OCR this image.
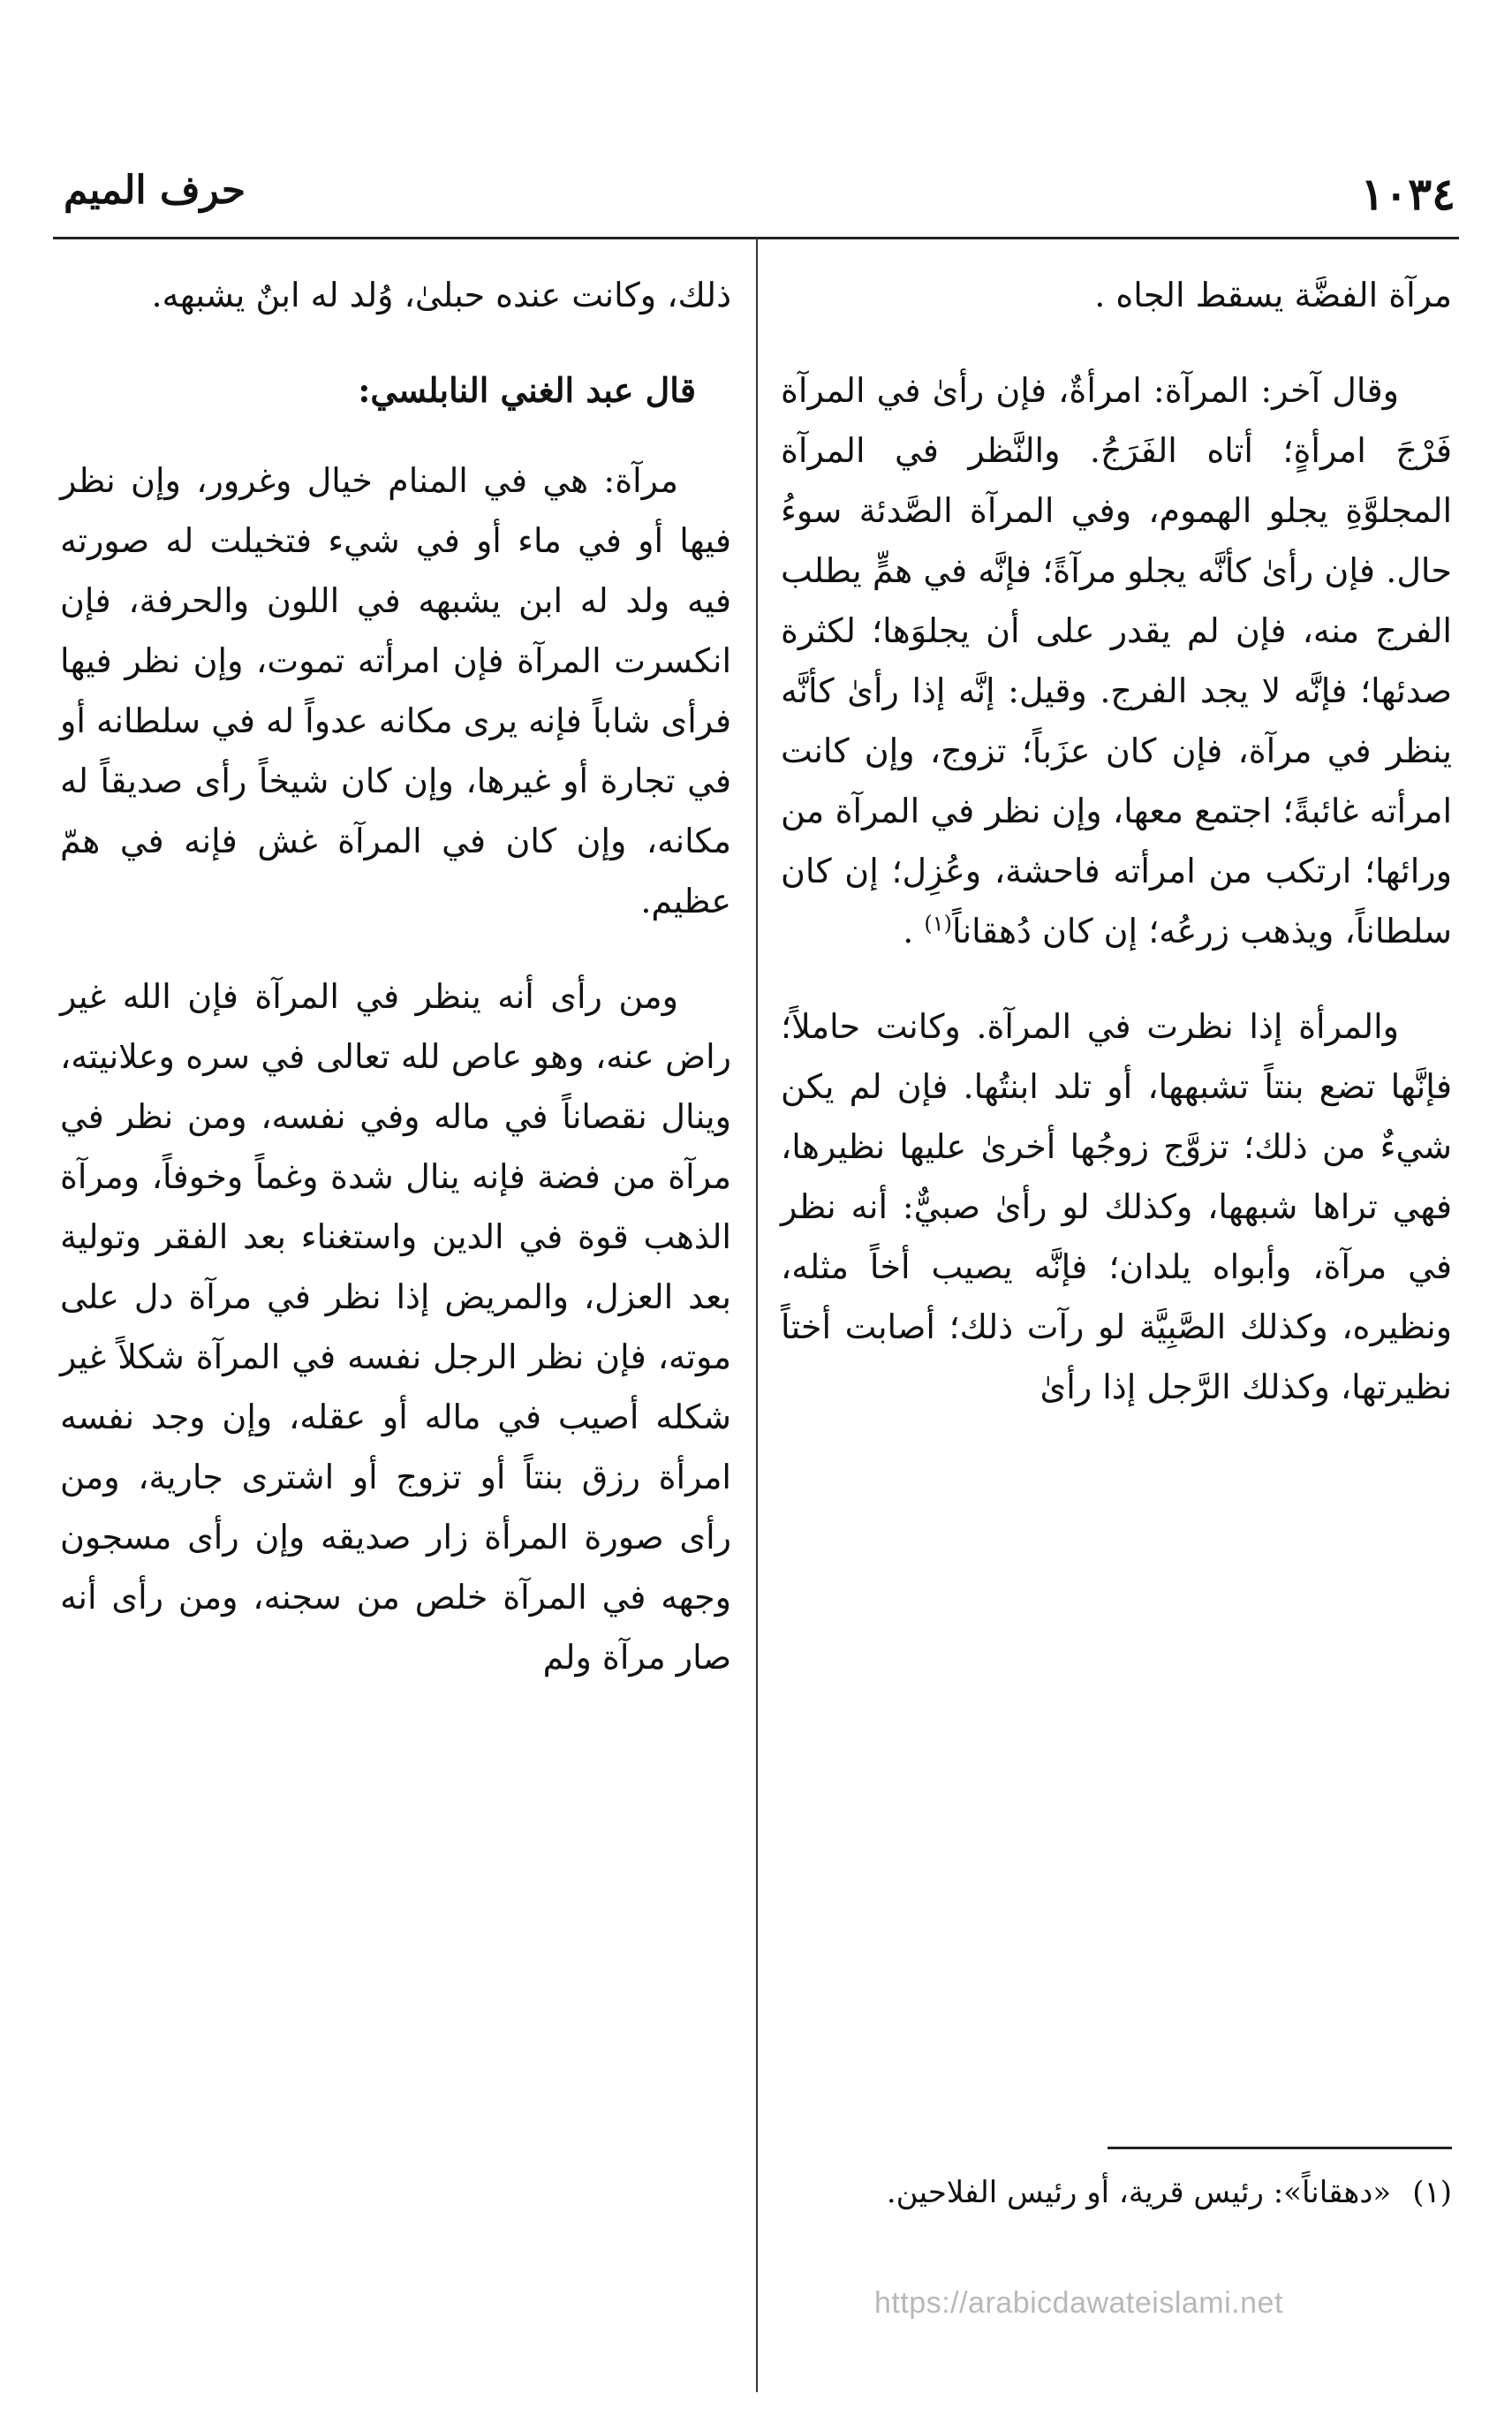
١٠٣٤
حرف الميم

مرآة الفضَّة يسقط الجاه .

وقال آخر: المرآة: امرأةٌ، فإن رأىٰ في المرآة فَرْجَ امرأةٍ؛ أتاه الفَرَجُ. والنَّظر في المرآة المجلوَّةِ يجلو الهموم، وفي المرآة الصَّدئة سوءُ حال. فإن رأىٰ كأنَّه يجلو مرآةً؛ فإنَّه في همٍّ يطلب الفرج منه، فإن لم يقدر على أن يجلوَها؛ لكثرة صدئها؛ فإنَّه لا يجد الفرج. وقيل: إنَّه إذا رأىٰ كأنَّه ينظر في مرآة، فإن كان عزَباً؛ تزوج، وإن كانت امرأته غائبةً؛ اجتمع معها، وإن نظر في المرآة من ورائها؛ ارتكب من امرأته فاحشة، وعُزِل؛ إن كان سلطاناً، ويذهب زرعُه؛ إن كان دُهقاناً$^{(١)}$ .

والمرأة إذا نظرت في المرآة. وكانت حاملاً؛ فإنَّها تضع بنتاً تشبهها، أو تلد ابنتُها. فإن لم يكن شيءٌ من ذلك؛ تزوَّج زوجُها أخرىٰ عليها نظيرها، فهي تراها شبهها، وكذلك لو رأىٰ صبيٌّ: أنه نظر في مرآة، وأبواه يلدان؛ فإنَّه يصيب أخاً مثله، ونظيره، وكذلك الصَّبِيَّة لو رآت ذلك؛ أصابت أختاً نظيرتها، وكذلك الرَّجل إذا رأىٰ

ذلك، وكانت عنده حبلىٰ، وُلد له ابنٌ يشبهه.

قال عبد الغني النابلسي:

مرآة: هي في المنام خيال وغرور، وإن نظر فيها أو في ماء أو في شيء فتخيلت له صورته فيه ولد له ابن يشبهه في اللون والحرفة، فإن انكسرت المرآة فإن امرأته تموت، وإن نظر فيها فرأى شاباً فإنه يرى مكانه عدواً له في سلطانه أو في تجارة أو غيرها، وإن كان شيخاً رأى صديقاً له مكانه، وإن كان في المرآة غش فإنه في همّ عظيم.

ومن رأى أنه ينظر في المرآة فإن الله غير راض عنه، وهو عاص لله تعالى في سره وعلانيته، وينال نقصاناً في ماله وفي نفسه، ومن نظر في مرآة من فضة فإنه ينال شدة وغماً وخوفاً، ومرآة الذهب قوة في الدين واستغناء بعد الفقر وتولية بعد العزل، والمريض إذا نظر في مرآة دل على موته، فإن نظر الرجل نفسه في المرآة شكلاً غير شكله أصيب في ماله أو عقله، وإن وجد نفسه امرأة رزق بنتاً أو تزوج أو اشترى جارية، ومن رأى صورة المرأة زار صديقه وإن رأى مسجون وجهه في المرآة خلص من سجنه، ومن رأى أنه صار مرآة ولم

(١)«دهقاناً»: رئيس قرية، أو رئيس الفلاحين.
https://arabicdawateislami.net
